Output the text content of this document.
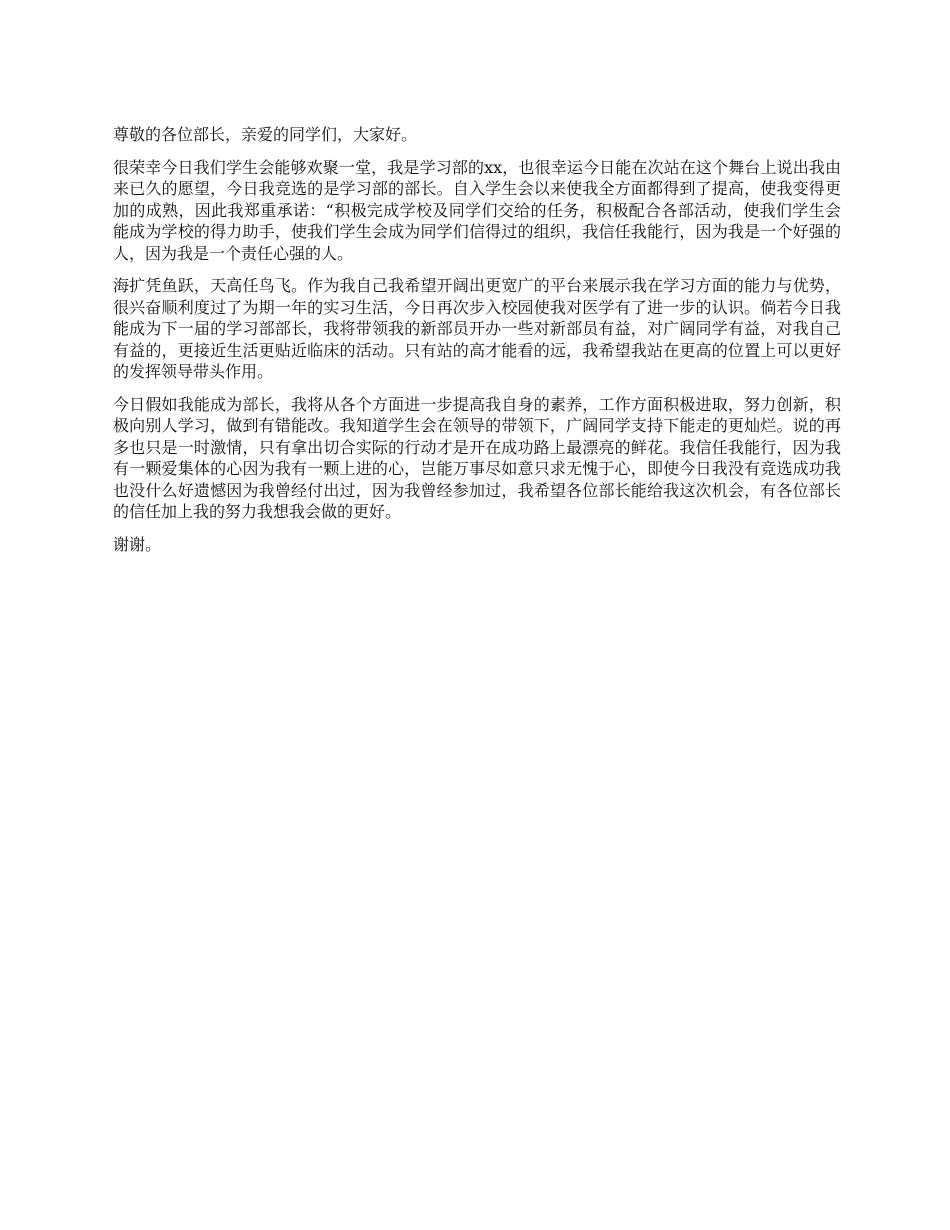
尊敬的各位部长，亲爱的同学们，大家好。

很荣幸今日我们学生会能够欢聚一堂，我是学习部的xx，也很幸运今日能在次站在这个舞台上说出我由来已久的愿望，今日我竞选的是学习部的部长。自入学生会以来使我全方面都得到了提高，使我变得更加的成熟，因此我郑重承诺：“积极完成学校及同学们交给的任务，积极配合各部活动，使我们学生会能成为学校的得力助手，使我们学生会成为同学们信得过的组织，我信任我能行，因为我是一个好强的人，因为我是一个责任心强的人。

海扩凭鱼跃，天高任鸟飞。作为我自己我希望开阔出更宽广的平台来展示我在学习方面的能力与优势，很兴奋顺利度过了为期一年的实习生活，今日再次步入校园使我对医学有了进一步的认识。倘若今日我能成为下一届的学习部部长，我将带领我的新部员开办一些对新部员有益，对广阔同学有益，对我自己有益的，更接近生活更贴近临床的活动。只有站的高才能看的远，我希望我站在更高的位置上可以更好的发挥领导带头作用。

今日假如我能成为部长，我将从各个方面进一步提高我自身的素养，工作方面积极进取，努力创新，积极向别人学习，做到有错能改。我知道学生会在领导的带领下，广阔同学支持下能走的更灿烂。说的再多也只是一时激情，只有拿出切合实际的行动才是开在成功路上最漂亮的鲜花。我信任我能行，因为我有一颗爱集体的心因为我有一颗上进的心，岂能万事尽如意只求无愧于心，即使今日我没有竞选成功我也没什么好遗憾因为我曾经付出过，因为我曾经参加过，我希望各位部长能给我这次机会，有各位部长的信任加上我的努力我想我会做的更好。

谢谢。
